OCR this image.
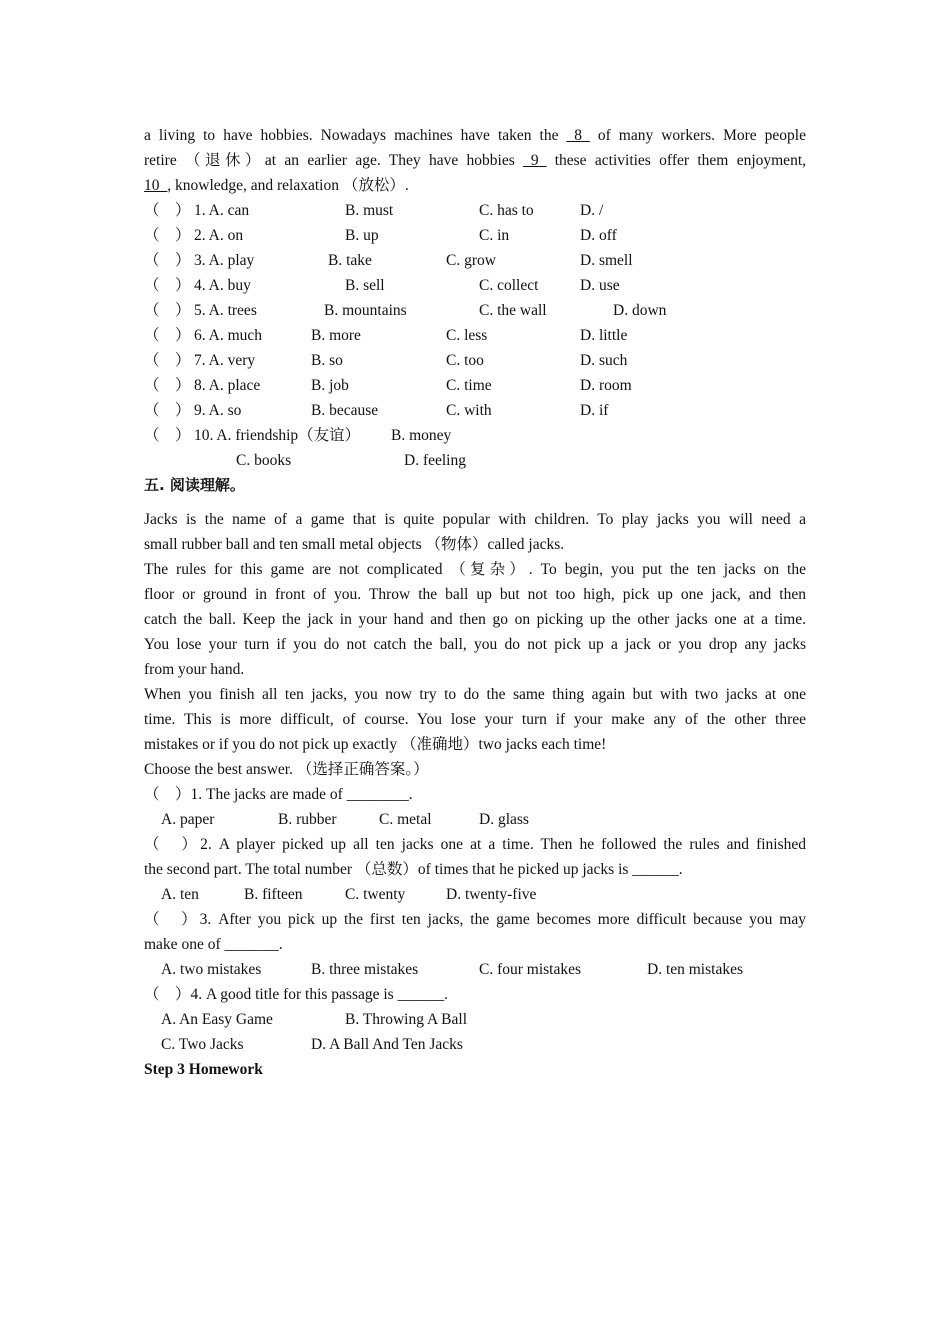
a living to have hobbies. Nowadays machines have taken the _8_ of many workers. More people
retire （退休）at an earlier age. They have hobbies _9_ these activities offer them enjoyment,
10_, knowledge, and relaxation （放松）.
（　） 1. A. can	B. must	C. has to	D. /
（　） 2. A. on	B. up	C. in	D. off
（　） 3. A. play	B. take	C. grow	D. smell
（　） 4. A. buy	B. sell	C. collect	D. use
（　） 5. A. trees	B. mountains	C. the wall	D. down
（　） 6. A. much	B. more	C. less	D. little
（　） 7. A. very	B. so	C. too	D. such
（　） 8. A. place	B. job	C. time	D. room
（　） 9. A. so	B. because	C. with	D. if
（　） 10. A. friendship（友谊） B. money
C. books	D. feeling
五. 阅读理解。
Jacks is the name of a game that is quite popular with children. To play jacks you will need a
small rubber ball and ten small metal objects （物体）called jacks.
The rules for this game are not complicated （复杂）. To begin, you put the ten jacks on the
floor or ground in front of you. Throw the ball up but not too high, pick up one jack, and then
catch the ball. Keep the jack in your hand and then go on picking up the other jacks one at a time.
You lose your turn if you do not catch the ball, you do not pick up a jack or you drop any jacks
from your hand.
When you finish all ten jacks, you now try to do the same thing again but with two jacks at one
time. This is more difficult, of course. You lose your turn if your make any of the other three
mistakes or if you do not pick up exactly （准确地）two jacks each time!
Choose the best answer. （选择正确答案。）
（　）1. The jacks are made of ________.
A. paper	B. rubber	C. metal	D. glass
（　）2. A player picked up all ten jacks one at a time. Then he followed the rules and finished
the second part. The total number （总数）of times that he picked up jacks is ______.
A. ten	B. fifteen	C. twenty	D. twenty-five
（　）3. After you pick up the first ten jacks, the game becomes more difficult because you may
make one of _______.
A. two mistakes	B. three mistakes	C. four mistakes	D. ten mistakes
（　）4. A good title for this passage is ______.
A. An Easy Game	B. Throwing A Ball
C. Two Jacks	D. A Ball And Ten Jacks
Step 3 Homework
